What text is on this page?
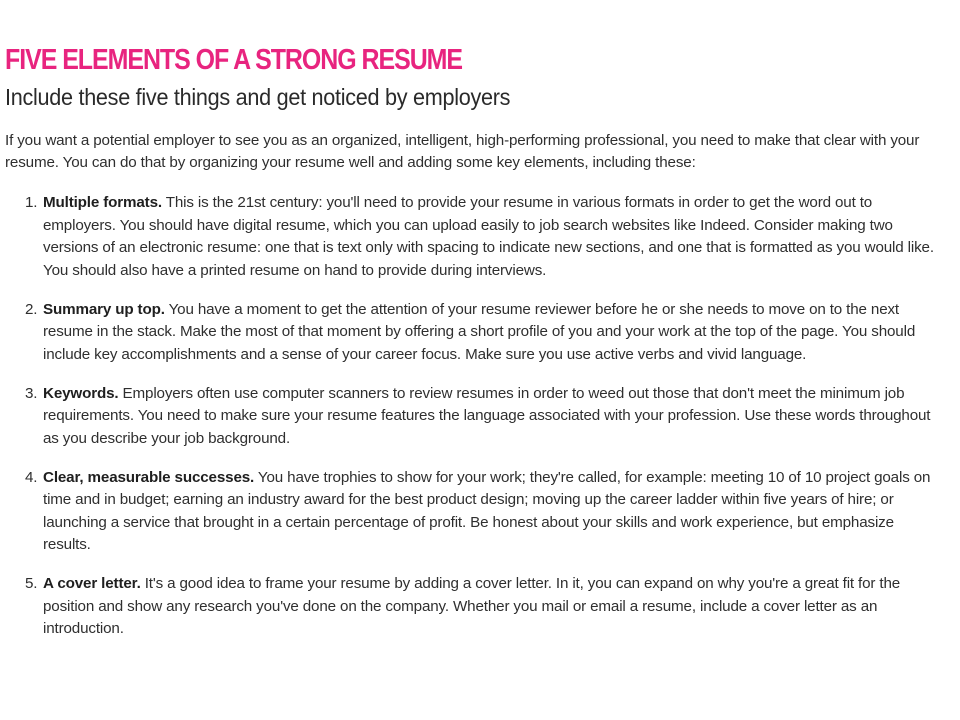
FIVE ELEMENTS OF A STRONG RESUME
Include these five things and get noticed by employers

If you want a potential employer to see you as an organized, intelligent, high-performing professional, you need to make that clear with your resume. You can do that by organizing your resume well and adding some key elements, including these:

1. Multiple formats. This is the 21st century: you'll need to provide your resume in various formats in order to get the word out to employers. You should have digital resume, which you can upload easily to job search websites like Indeed. Consider making two versions of an electronic resume: one that is text only with spacing to indicate new sections, and one that is formatted as you would like. You should also have a printed resume on hand to provide during interviews.
2. Summary up top. You have a moment to get the attention of your resume reviewer before he or she needs to move on to the next resume in the stack. Make the most of that moment by offering a short profile of you and your work at the top of the page. You should include key accomplishments and a sense of your career focus. Make sure you use active verbs and vivid language.
3. Keywords. Employers often use computer scanners to review resumes in order to weed out those that don't meet the minimum job requirements. You need to make sure your resume features the language associated with your profession. Use these words throughout as you describe your job background.
4. Clear, measurable successes. You have trophies to show for your work; they're called, for example: meeting 10 of 10 project goals on time and in budget; earning an industry award for the best product design; moving up the career ladder within five years of hire; or launching a service that brought in a certain percentage of profit. Be honest about your skills and work experience, but emphasize results.
5. A cover letter. It's a good idea to frame your resume by adding a cover letter. In it, you can expand on why you're a great fit for the position and show any research you've done on the company. Whether you mail or email a resume, include a cover letter as an introduction.
